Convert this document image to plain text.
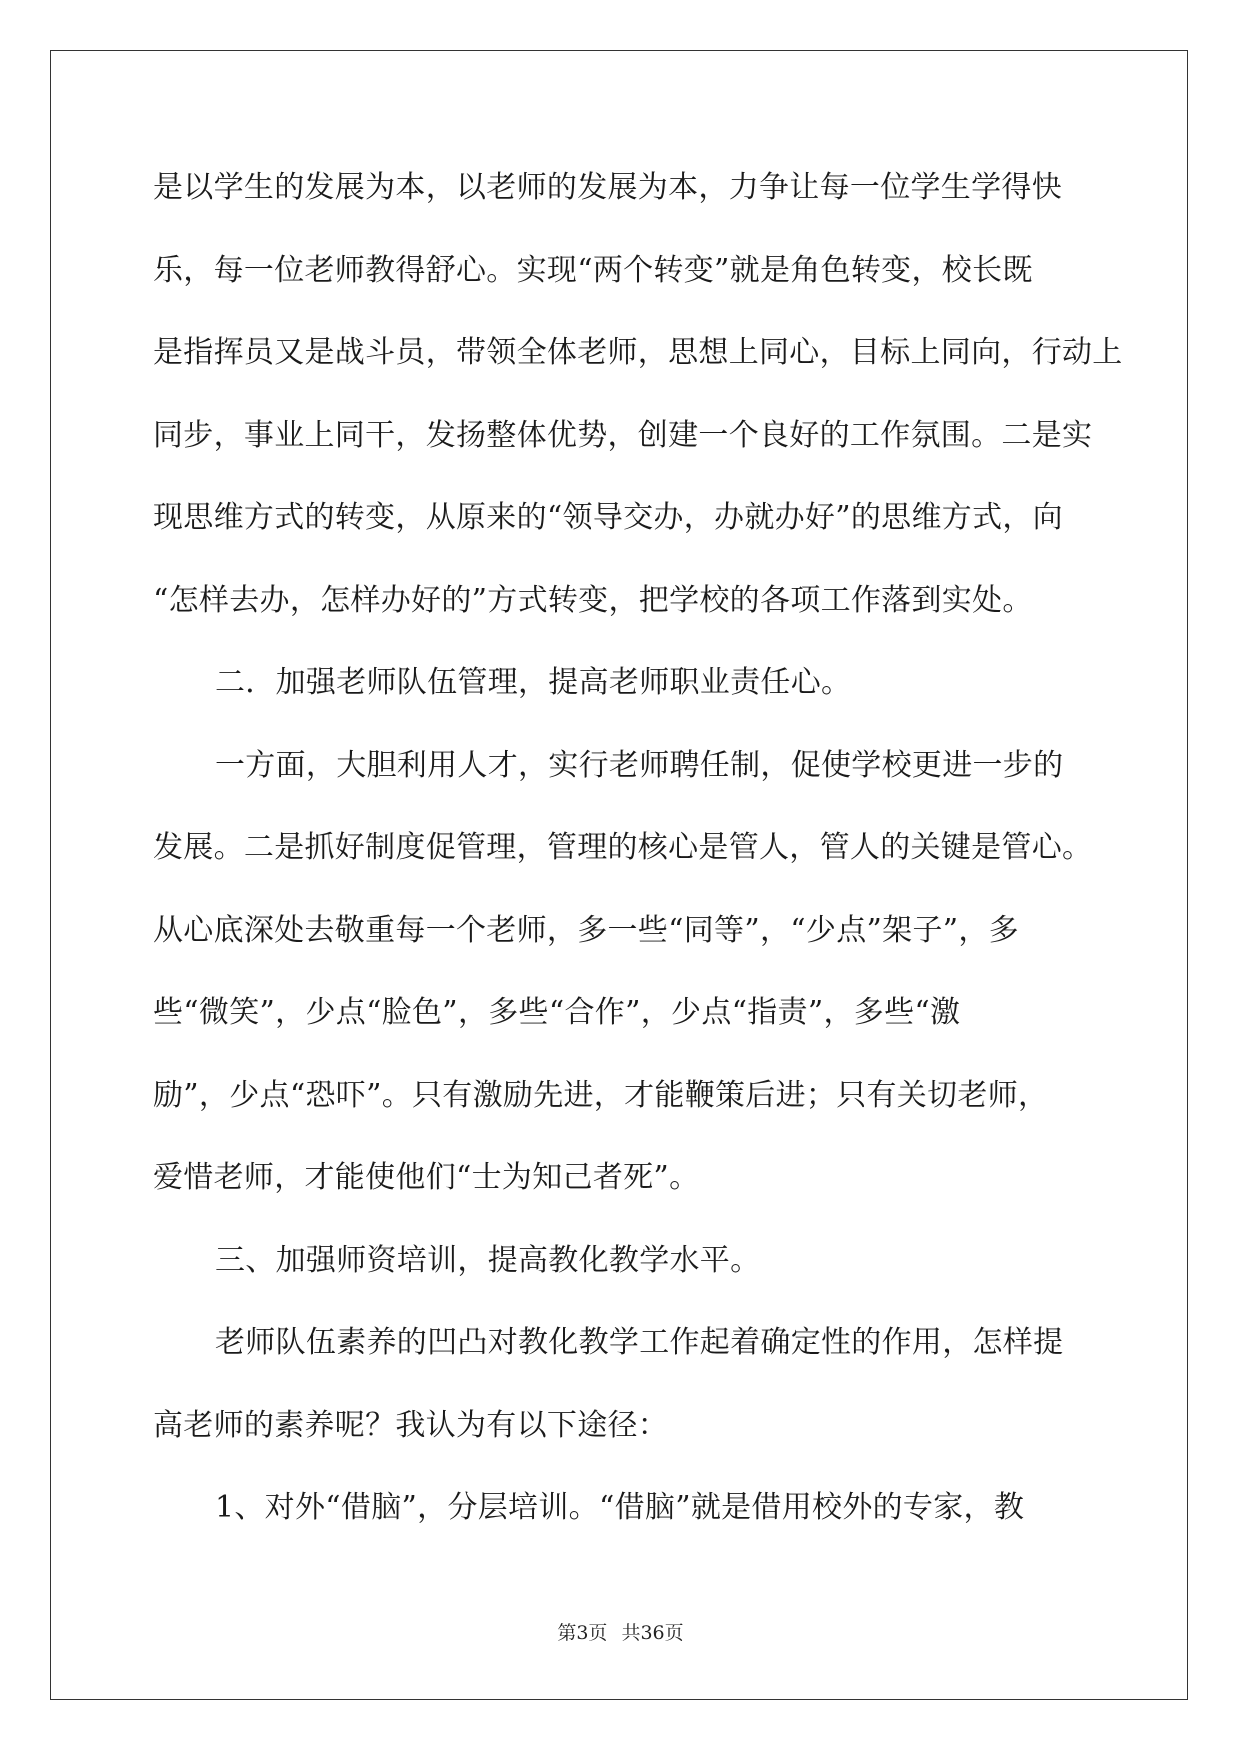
是以学生的发展为本，以老师的发展为本，力争让每一位学生学得快
乐，每一位老师教得舒心。实现“两个转变”就是角色转变，校长既
是指挥员又是战斗员，带领全体老师，思想上同心，目标上同向，行动上
同步，事业上同干，发扬整体优势，创建一个良好的工作氛围。二是实
现思维方式的转变，从原来的“领导交办，办就办好”的思维方式，向
“怎样去办，怎样办好的”方式转变，把学校的各项工作落到实处。
二．加强老师队伍管理，提高老师职业责任心。
一方面，大胆利用人才，实行老师聘任制，促使学校更进一步的
发展。二是抓好制度促管理，管理的核心是管人，管人的关键是管心。
从心底深处去敬重每一个老师，多一些“同等”，“少点”架子”，多
些“微笑”，少点“脸色”，多些“合作”，少点“指责”，多些“激
励”，少点“恐吓”。只有激励先进，才能鞭策后进；只有关切老师，
爱惜老师，才能使他们“士为知己者死”。
三、加强师资培训，提高教化教学水平。
老师队伍素养的凹凸对教化教学工作起着确定性的作用，怎样提
高老师的素养呢？我认为有以下途径：
1、对外“借脑”，分层培训。“借脑”就是借用校外的专家，教
第3页 共36页
